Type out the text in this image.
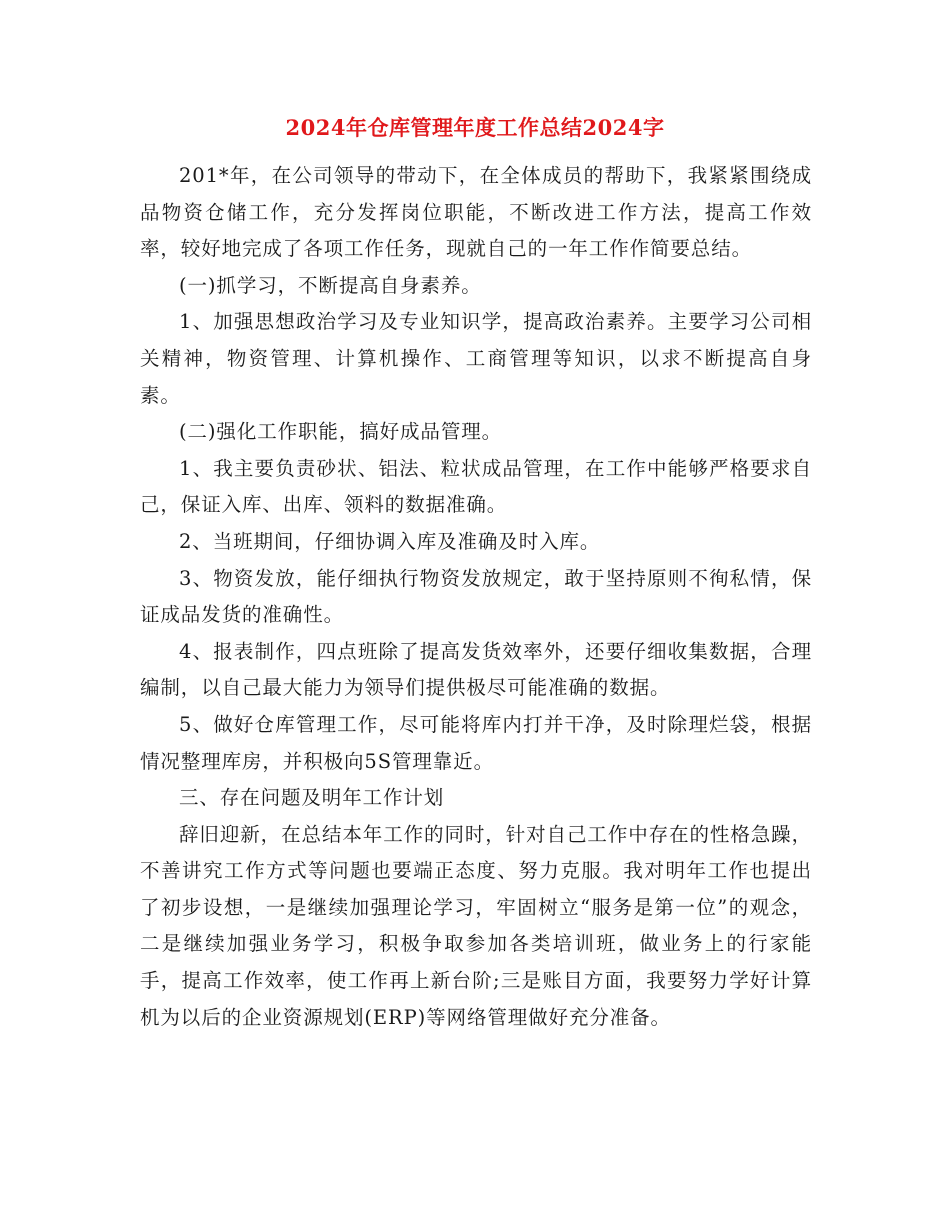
2024年仓库管理年度工作总结2024字

201*年，在公司领导的带动下，在全体成员的帮助下，我紧紧围绕成品物资仓储工作，充分发挥岗位职能，不断改进工作方法，提高工作效率，较好地完成了各项工作任务，现就自己的一年工作作简要总结。

(一)抓学习，不断提高自身素养。

1、加强思想政治学习及专业知识学，提高政治素养。主要学习公司相关精神，物资管理、计算机操作、工商管理等知识，以求不断提高自身素。

(二)强化工作职能，搞好成品管理。

1、我主要负责砂状、铝法、粒状成品管理，在工作中能够严格要求自己，保证入库、出库、领料的数据准确。

2、当班期间，仔细协调入库及准确及时入库。

3、物资发放，能仔细执行物资发放规定，敢于坚持原则不徇私情，保证成品发货的准确性。

4、报表制作，四点班除了提高发货效率外，还要仔细收集数据，合理编制，以自己最大能力为领导们提供极尽可能准确的数据。

5、做好仓库管理工作，尽可能将库内打并干净，及时除理烂袋，根据情况整理库房，并积极向5S管理靠近。

三、存在问题及明年工作计划

辞旧迎新，在总结本年工作的同时，针对自己工作中存在的性格急躁，不善讲究工作方式等问题也要端正态度、努力克服。我对明年工作也提出了初步设想，一是继续加强理论学习，牢固树立“服务是第一位”的观念，二是继续加强业务学习，积极争取参加各类培训班，做业务上的行家能手，提高工作效率，使工作再上新台阶;三是账目方面，我要努力学好计算机为以后的企业资源规划(ERP)等网络管理做好充分准备。
